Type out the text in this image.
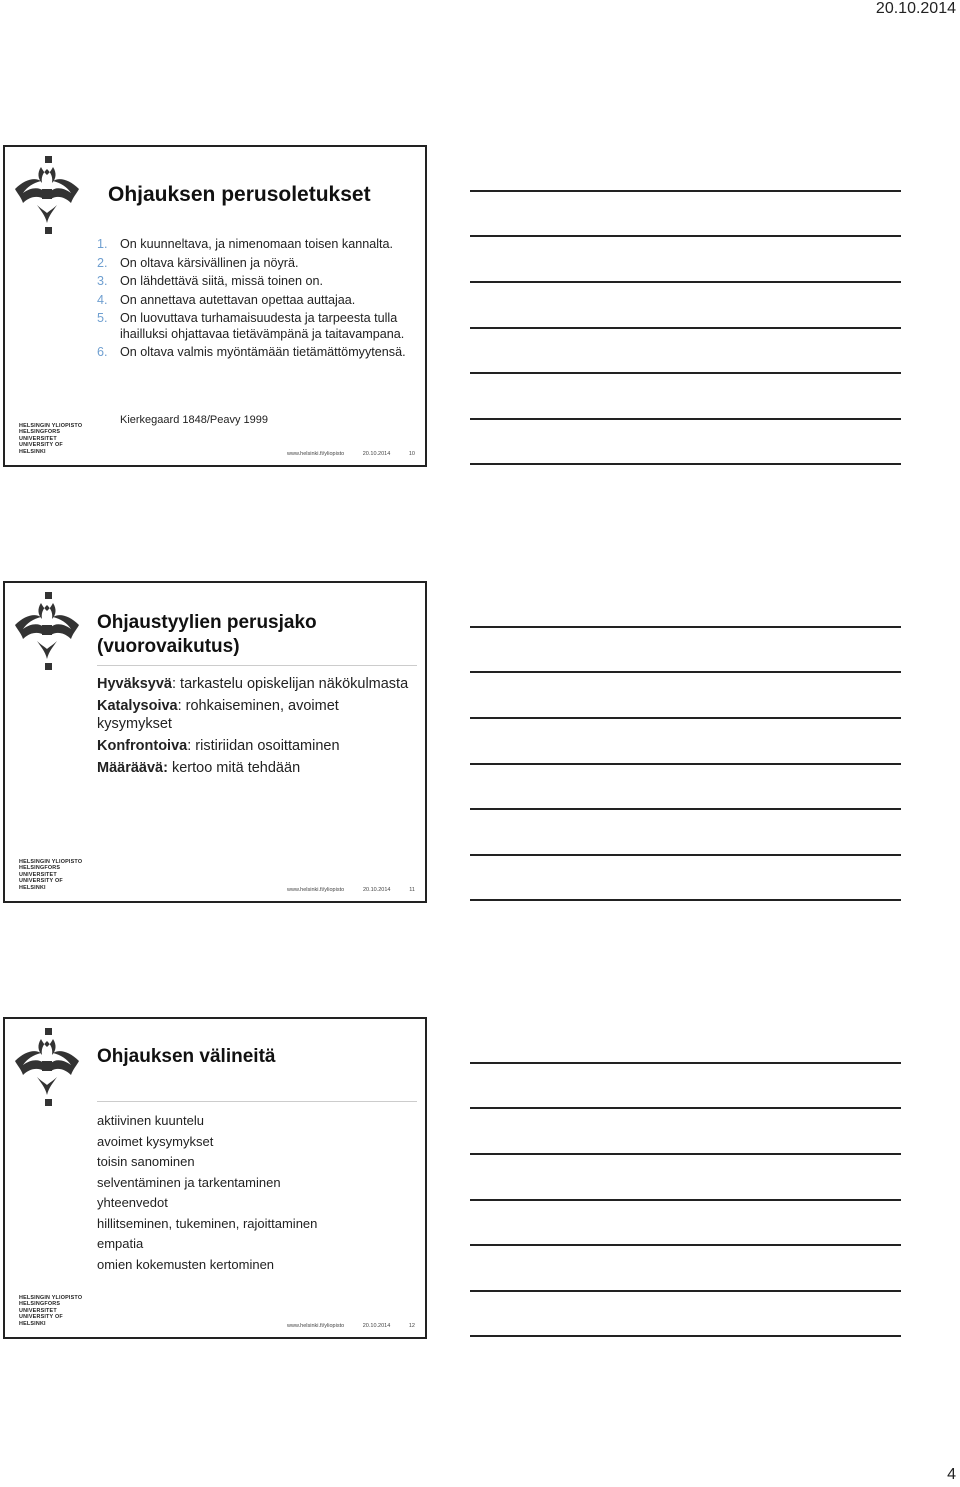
20.10.2014
Ohjauksen perusoletukset
1. On kuunneltava, ja nimenomaan toisen kannalta.
2. On oltava kärsivällinen ja nöyrä.
3. On lähdettävä siitä, missä toinen on.
4. On annettava autettavan opettaa auttajaa.
5. On luovuttava turhamaisuudesta ja tarpeesta tulla ihailluksi ohjattavaa tietävämpänä ja taitavampana.
6. On oltava valmis myöntämään tietämättömyytensä.
Kierkegaard 1848/Peavy 1999
HELSINGIN YLIOPISTO
HELSINGFORS UNIVERSITET
UNIVERSITY OF HELSINKI	www.helsinki.fi/yliopisto	20.10.2014	10
Ohjaustyylien perusjako
(vuorovaikutus)
Hyväksyvä: tarkastelu opiskelijan näkökulmasta
Katalysoiva: rohkaiseminen, avoimet kysymykset
Konfrontoiva: ristiriidan osoittaminen
Määräävä: kertoo mitä tehdään
HELSINGIN YLIOPISTO
HELSINGFORS UNIVERSITET
UNIVERSITY OF HELSINKI	www.helsinki.fi/yliopisto	20.10.2014	11
Ohjauksen välineitä
aktiivinen kuuntelu
avoimet kysymykset
toisin sanominen
selventäminen ja tarkentaminen
yhteenvedot
hillitseminen, tukeminen, rajoittaminen
empatia
omien kokemusten kertominen
HELSINGIN YLIOPISTO
HELSINGFORS UNIVERSITET
UNIVERSITY OF HELSINKI	www.helsinki.fi/yliopisto	20.10.2014	12
4
